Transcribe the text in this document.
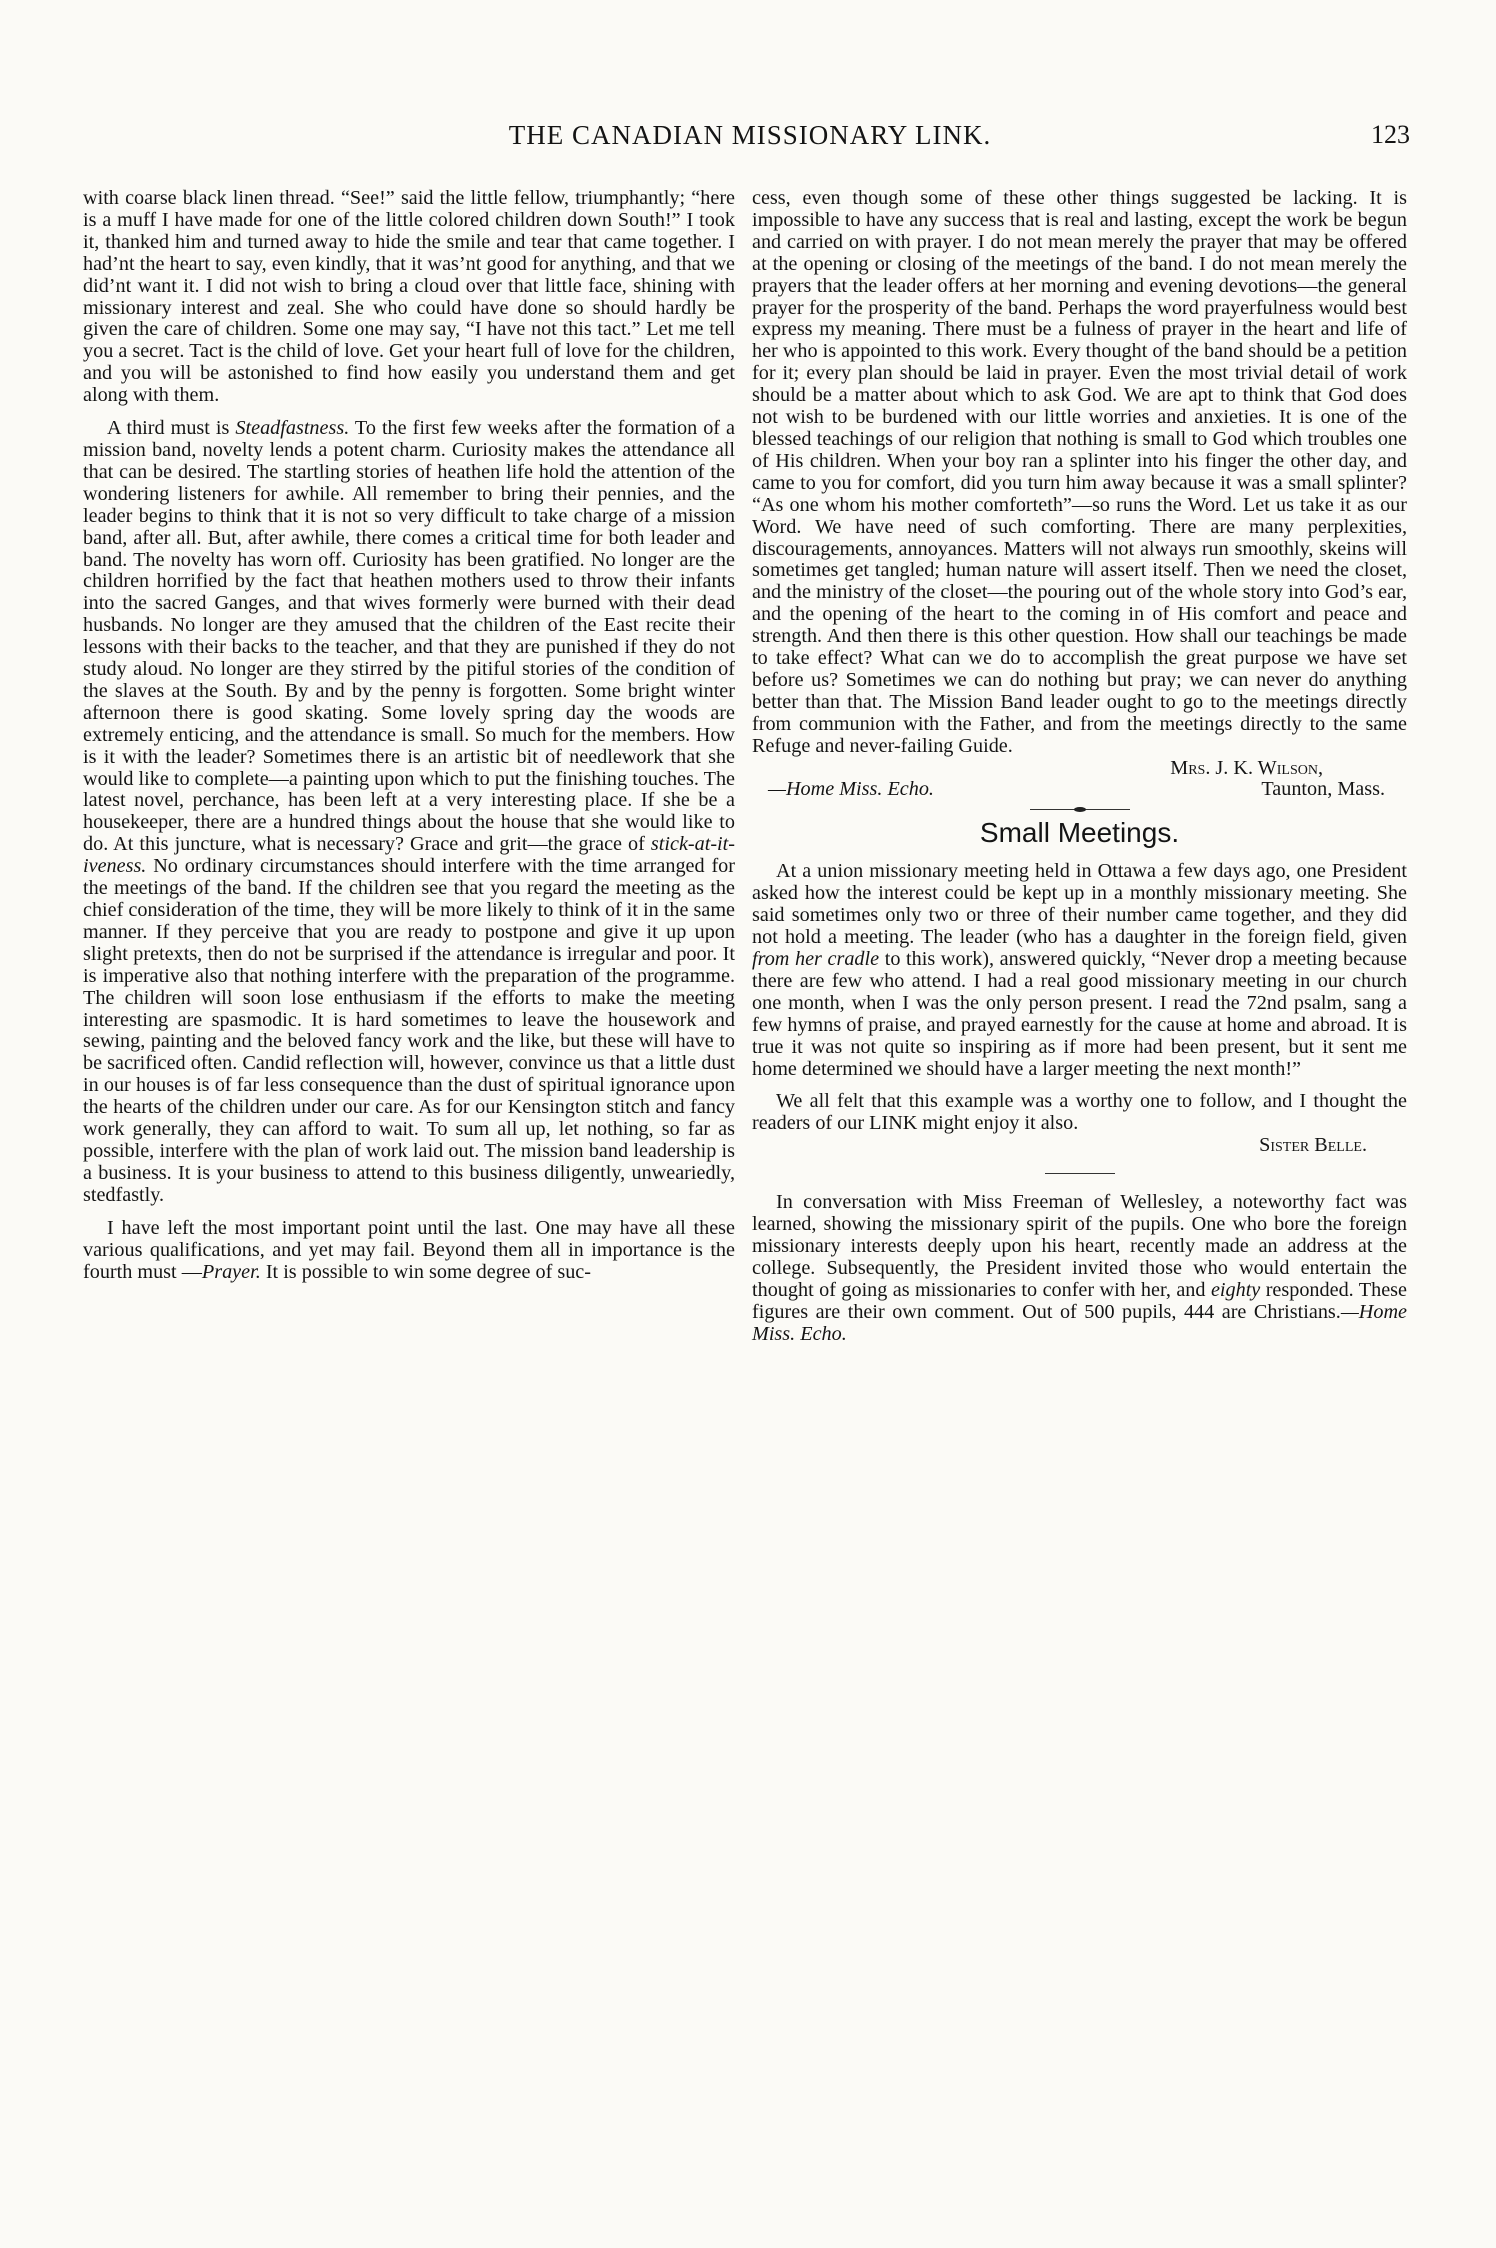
THE CANADIAN MISSIONARY LINK.	123

with coarse black linen thread. “See!” said the little fellow, triumphantly; “here is a muff I have made for one of the little colored children down South!” I took it, thanked him and turned away to hide the smile and tear that came together. I had’nt the heart to say, even kindly, that it was’nt good for anything, and that we did’nt want it. I did not wish to bring a cloud over that little face, shining with missionary interest and zeal. She who could have done so should hardly be given the care of children. Some one may say, “I have not this tact.” Let me tell you a secret. Tact is the child of love. Get your heart full of love for the children, and you will be astonished to find how easily you understand them and get along with them.

A third must is Steadfastness. To the first few weeks after the formation of a mission band, novelty lends a potent charm. Curiosity makes the attendance all that can be desired. The startling stories of heathen life hold the attention of the wondering listeners for awhile. All remember to bring their pennies, and the leader begins to think that it is not so very difficult to take charge of a mission band, after all. But, after awhile, there comes a critical time for both leader and band. The novelty has worn off. Curiosity has been gratified. No longer are the children horrified by the fact that heathen mothers used to throw their infants into the sacred Ganges, and that wives formerly were burned with their dead husbands. No longer are they amused that the children of the East recite their lessons with their backs to the teacher, and that they are punished if they do not study aloud. No longer are they stirred by the pitiful stories of the condition of the slaves at the South. By and by the penny is forgotten. Some bright winter afternoon there is good skating. Some lovely spring day the woods are extremely enticing, and the attendance is small. So much for the members. How is it with the leader? Sometimes there is an artistic bit of needlework that she would like to complete—a painting upon which to put the finishing touches. The latest novel, perchance, has been left at a very interesting place. If she be a housekeeper, there are a hundred things about the house that she would like to do. At this juncture, what is necessary? Grace and grit—the grace of stick-at-it-iveness. No ordinary circumstances should interfere with the time arranged for the meetings of the band. If the children see that you regard the meeting as the chief consideration of the time, they will be more likely to think of it in the same manner. If they perceive that you are ready to postpone and give it up upon slight pretexts, then do not be surprised if the attendance is irregular and poor. It is imperative also that nothing interfere with the preparation of the programme. The children will soon lose enthusiasm if the efforts to make the meeting interesting are spasmodic. It is hard sometimes to leave the housework and sewing, painting and the beloved fancy work and the like, but these will have to be sacrificed often. Candid reflection will, however, convince us that a little dust in our houses is of far less consequence than the dust of spiritual ignorance upon the hearts of the children under our care. As for our Kensington stitch and fancy work generally, they can afford to wait. To sum all up, let nothing, so far as possible, interfere with the plan of work laid out. The mission band leadership is a business. It is your business to attend to this business diligently, unweariedly, stedfastly.

I have left the most important point until the last. One may have all these various qualifications, and yet may fail. Beyond them all in importance is the fourth must —Prayer. It is possible to win some degree of suc-

cess, even though some of these other things suggested be lacking. It is impossible to have any success that is real and lasting, except the work be begun and carried on with prayer. I do not mean merely the prayer that may be offered at the opening or closing of the meetings of the band. I do not mean merely the prayers that the leader offers at her morning and evening devotions—the general prayer for the prosperity of the band. Perhaps the word prayerfulness would best express my meaning. There must be a fulness of prayer in the heart and life of her who is appointed to this work. Every thought of the band should be a petition for it; every plan should be laid in prayer. Even the most trivial detail of work should be a matter about which to ask God. We are apt to think that God does not wish to be burdened with our little worries and anxieties. It is one of the blessed teachings of our religion that nothing is small to God which troubles one of His children. When your boy ran a splinter into his finger the other day, and came to you for comfort, did you turn him away because it was a small splinter? “As one whom his mother comforteth”—so runs the Word. Let us take it as our Word. We have need of such comforting. There are many perplexities, discouragements, annoyances. Matters will not always run smoothly, skeins will sometimes get tangled; human nature will assert itself. Then we need the closet, and the ministry of the closet—the pouring out of the whole story into God’s ear, and the opening of the heart to the coming in of His comfort and peace and strength. And then there is this other question. How shall our teachings be made to take effect? What can we do to accomplish the great purpose we have set before us? Sometimes we can do nothing but pray; we can never do anything better than that. The Mission Band leader ought to go to the meetings directly from communion with the Father, and from the meetings directly to the same Refuge and never-failing Guide.

Mrs. J. K. Wilson,
—Home Miss. Echo.	Taunton, Mass.
Small Meetings.

At a union missionary meeting held in Ottawa a few days ago, one President asked how the interest could be kept up in a monthly missionary meeting. She said sometimes only two or three of their number came together, and they did not hold a meeting. The leader (who has a daughter in the foreign field, given from her cradle to this work), answered quickly, “Never drop a meeting because there are few who attend. I had a real good missionary meeting in our church one month, when I was the only person present. I read the 72nd psalm, sang a few hymns of praise, and prayed earnestly for the cause at home and abroad. It is true it was not quite so inspiring as if more had been present, but it sent me home determined we should have a larger meeting the next month!”

We all felt that this example was a worthy one to follow, and I thought the readers of our LINK might enjoy it also.

Sister Belle.

In conversation with Miss Freeman of Wellesley, a noteworthy fact was learned, showing the missionary spirit of the pupils. One who bore the foreign missionary interests deeply upon his heart, recently made an address at the college. Subsequently, the President invited those who would entertain the thought of going as missionaries to confer with her, and eighty responded. These figures are their own comment. Out of 500 pupils, 444 are Christians.—Home Miss. Echo.
